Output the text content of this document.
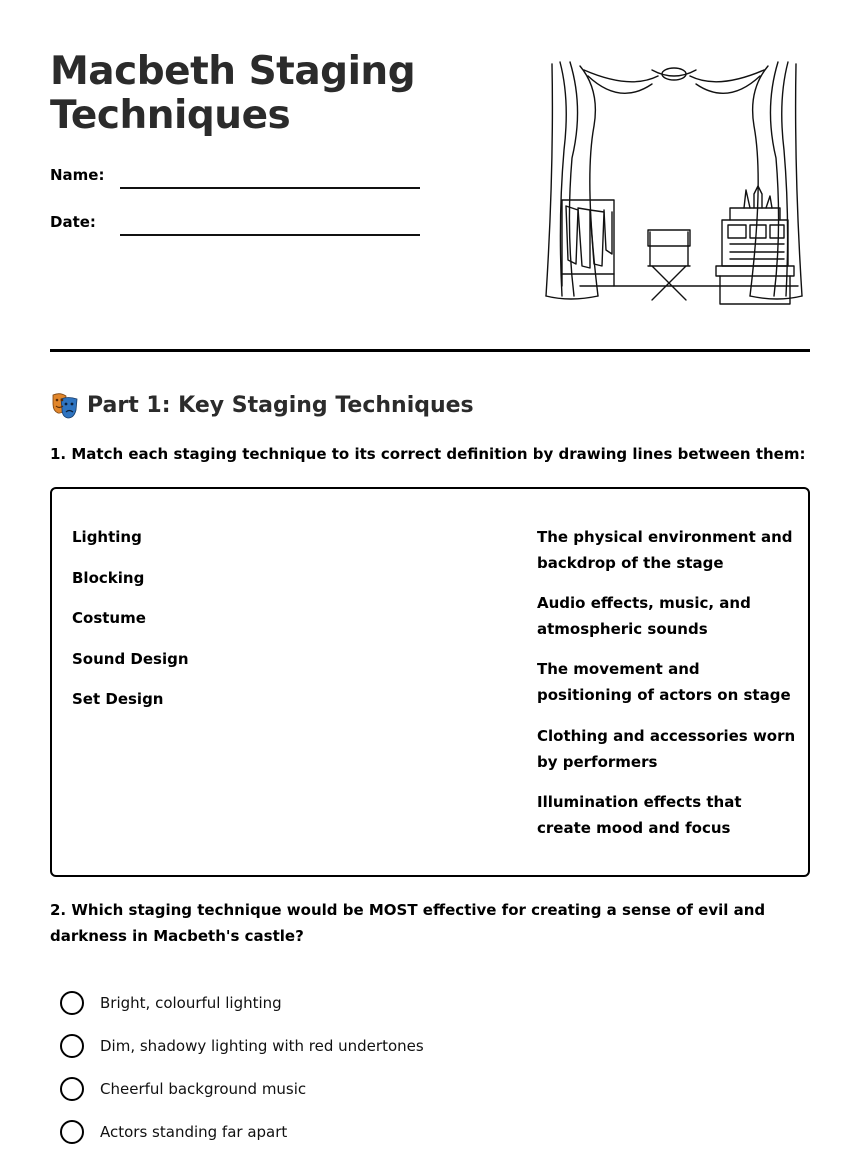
Macbeth Staging Techniques
Name:
Date:
Part 1: Key Staging Techniques

1. Match each staging technique to its correct definition by drawing lines between them:

Lighting
Blocking
Costume
Sound Design
Set Design
The physical environment and backdrop of the stage
Audio effects, music, and atmospheric sounds
The movement and positioning of actors on stage
Clothing and accessories worn by performers
Illumination effects that create mood and focus

2. Which staging technique would be MOST effective for creating a sense of evil and darkness in Macbeth's castle?

Bright, colourful lighting
Dim, shadowy lighting with red undertones
Cheerful background music
Actors standing far apart
